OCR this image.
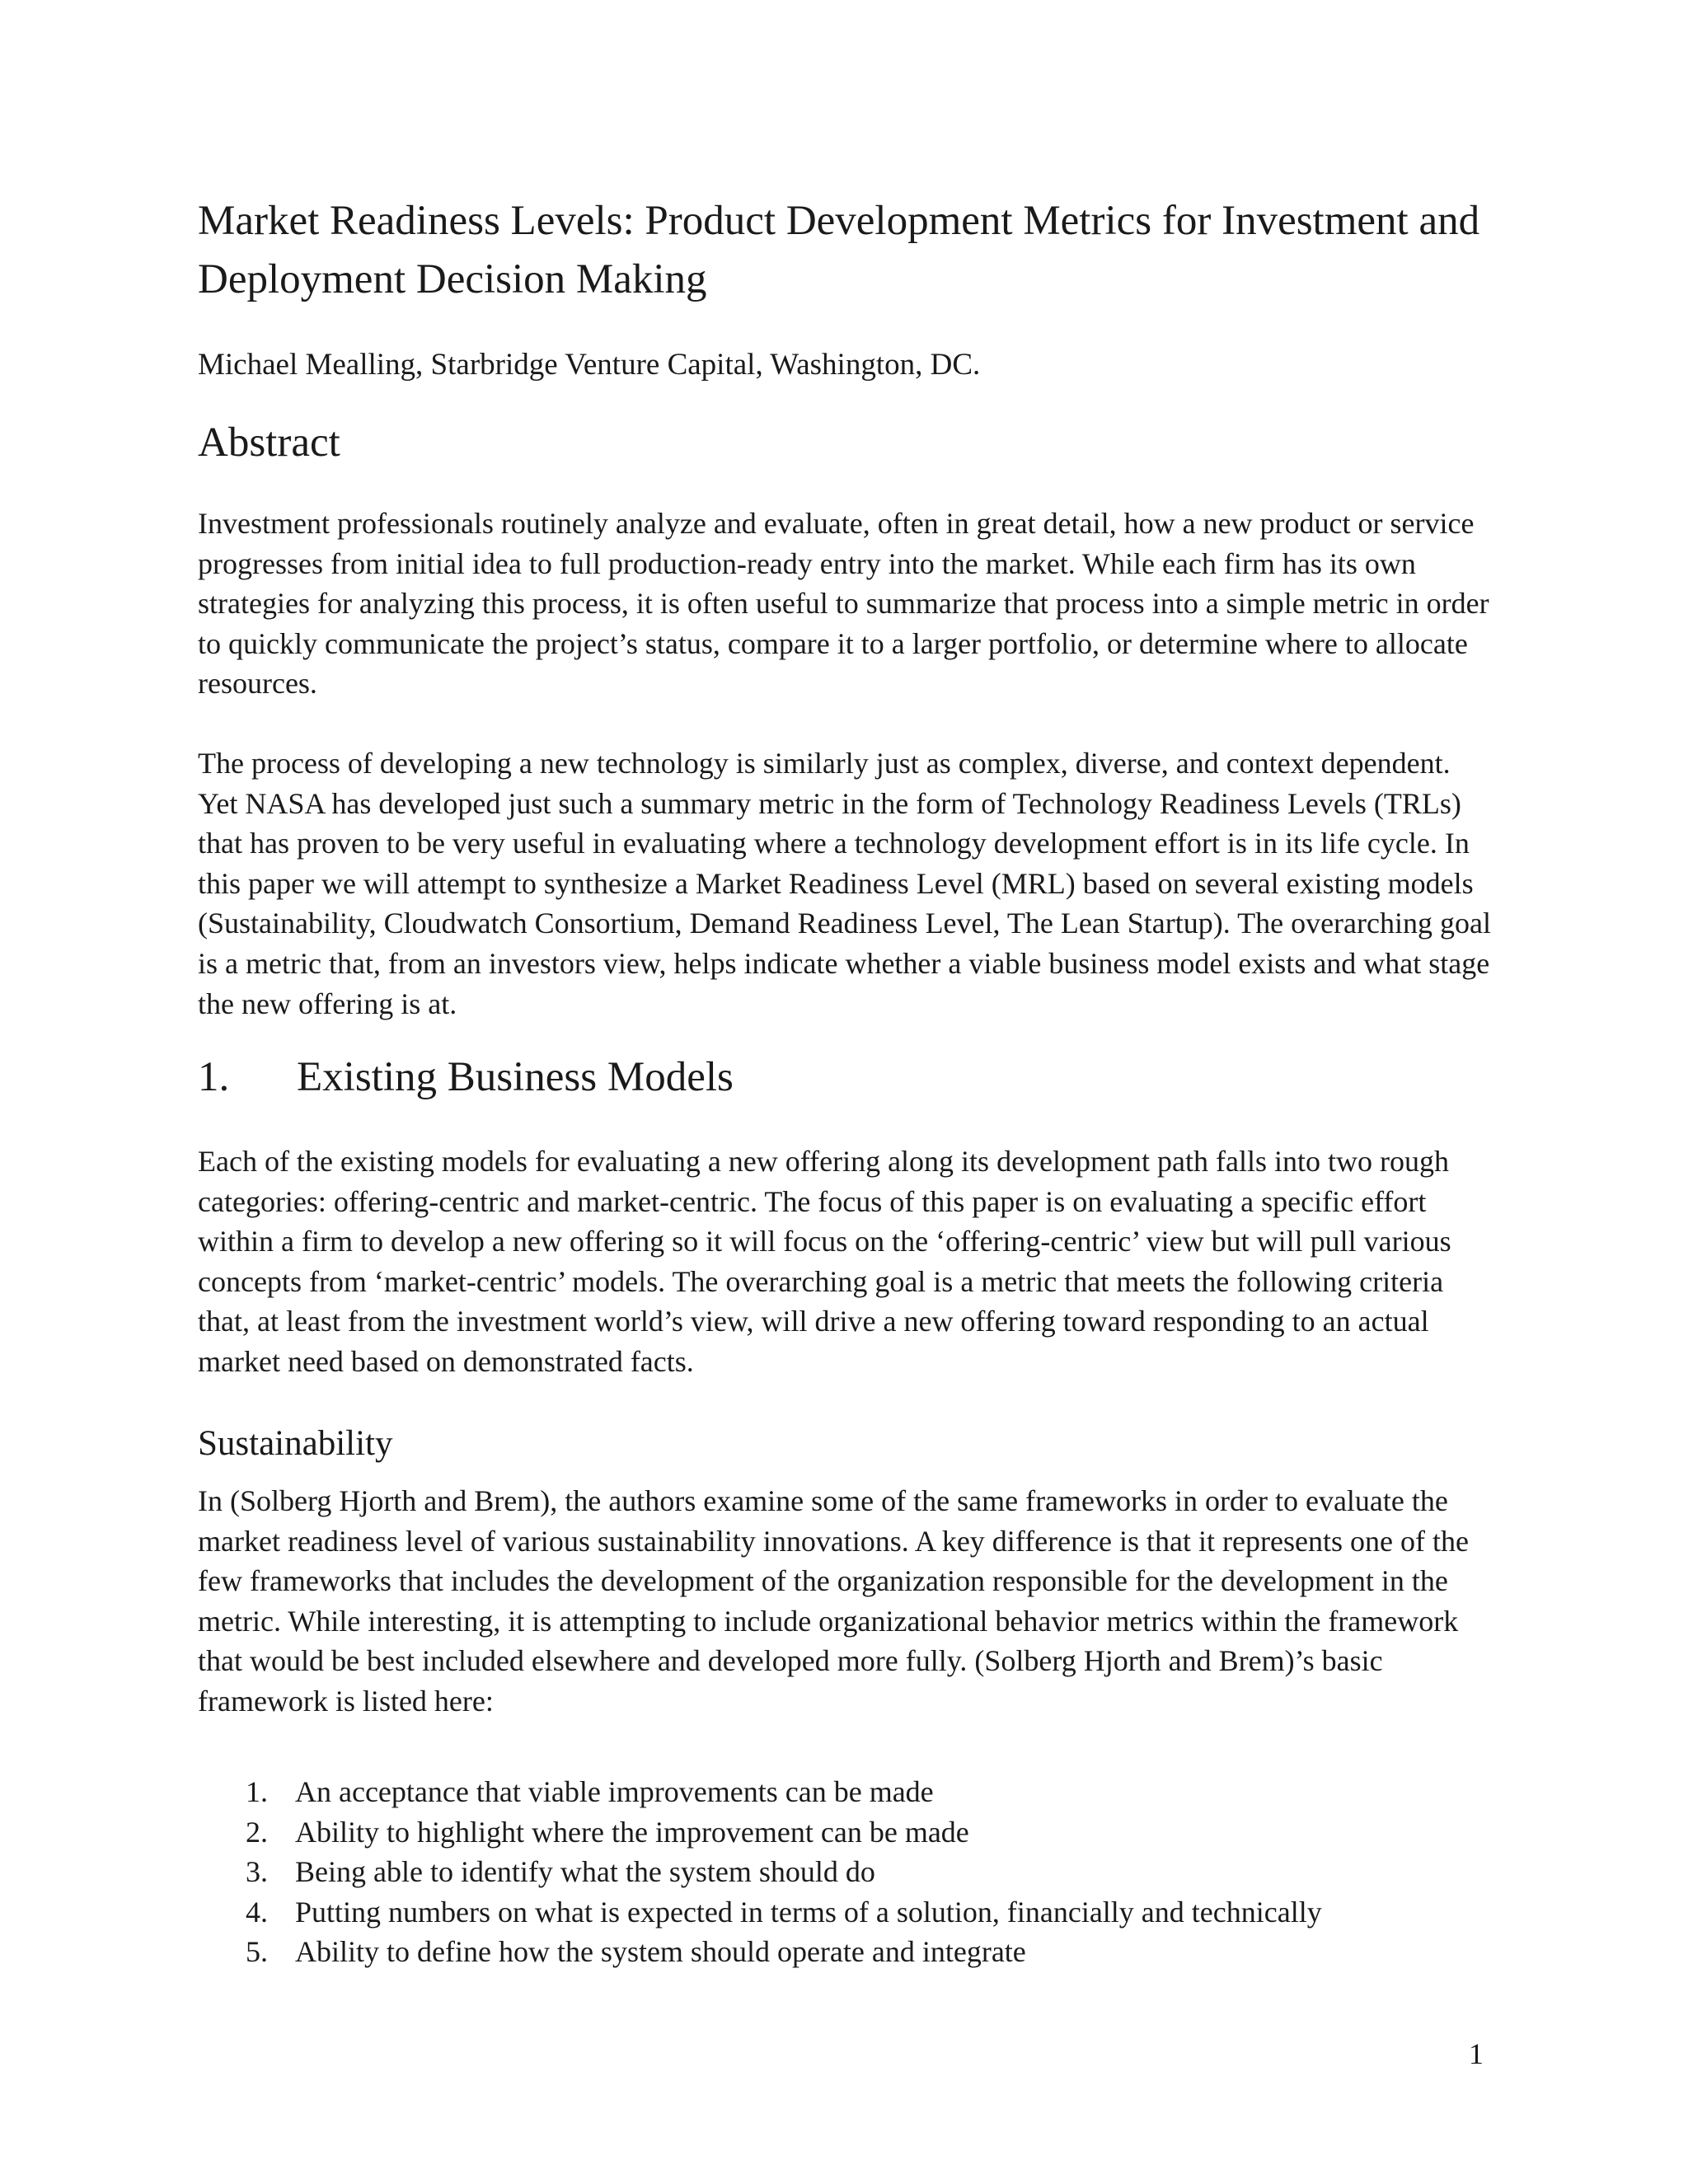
Market Readiness Levels: Product Development Metrics for Investment and Deployment Decision Making

Michael Mealling, Starbridge Venture Capital, Washington, DC.

Abstract

Investment professionals routinely analyze and evaluate, often in great detail, how a new product or service progresses from initial idea to full production-ready entry into the market. While each firm has its own strategies for analyzing this process, it is often useful to summarize that process into a simple metric in order to quickly communicate the project’s status, compare it to a larger portfolio, or determine where to allocate resources.

The process of developing a new technology is similarly just as complex, diverse, and context dependent. Yet NASA has developed just such a summary metric in the form of Technology Readiness Levels (TRLs) that has proven to be very useful in evaluating where a technology development effort is in its life cycle. In this paper we will attempt to synthesize a Market Readiness Level (MRL) based on several existing models (Sustainability, Cloudwatch Consortium, Demand Readiness Level, The Lean Startup). The overarching goal is a metric that, from an investors view, helps indicate whether a viable business model exists and what stage the new offering is at.

1. Existing Business Models

Each of the existing models for evaluating a new offering along its development path falls into two rough categories: offering-centric and market-centric. The focus of this paper is on evaluating a specific effort within a firm to develop a new offering so it will focus on the ‘offering-centric’ view but will pull various concepts from ‘market-centric’ models. The overarching goal is a metric that meets the following criteria that, at least from the investment world’s view, will drive a new offering toward responding to an actual market need based on demonstrated facts.

Sustainability

In (Solberg Hjorth and Brem), the authors examine some of the same frameworks in order to evaluate the market readiness level of various sustainability innovations. A key difference is that it represents one of the few frameworks that includes the development of the organization responsible for the development in the metric. While interesting, it is attempting to include organizational behavior metrics within the framework that would be best included elsewhere and developed more fully. (Solberg Hjorth and Brem)’s basic framework is listed here:

1. An acceptance that viable improvements can be made
2. Ability to highlight where the improvement can be made
3. Being able to identify what the system should do
4. Putting numbers on what is expected in terms of a solution, financially and technically
5. Ability to define how the system should operate and integrate
1
